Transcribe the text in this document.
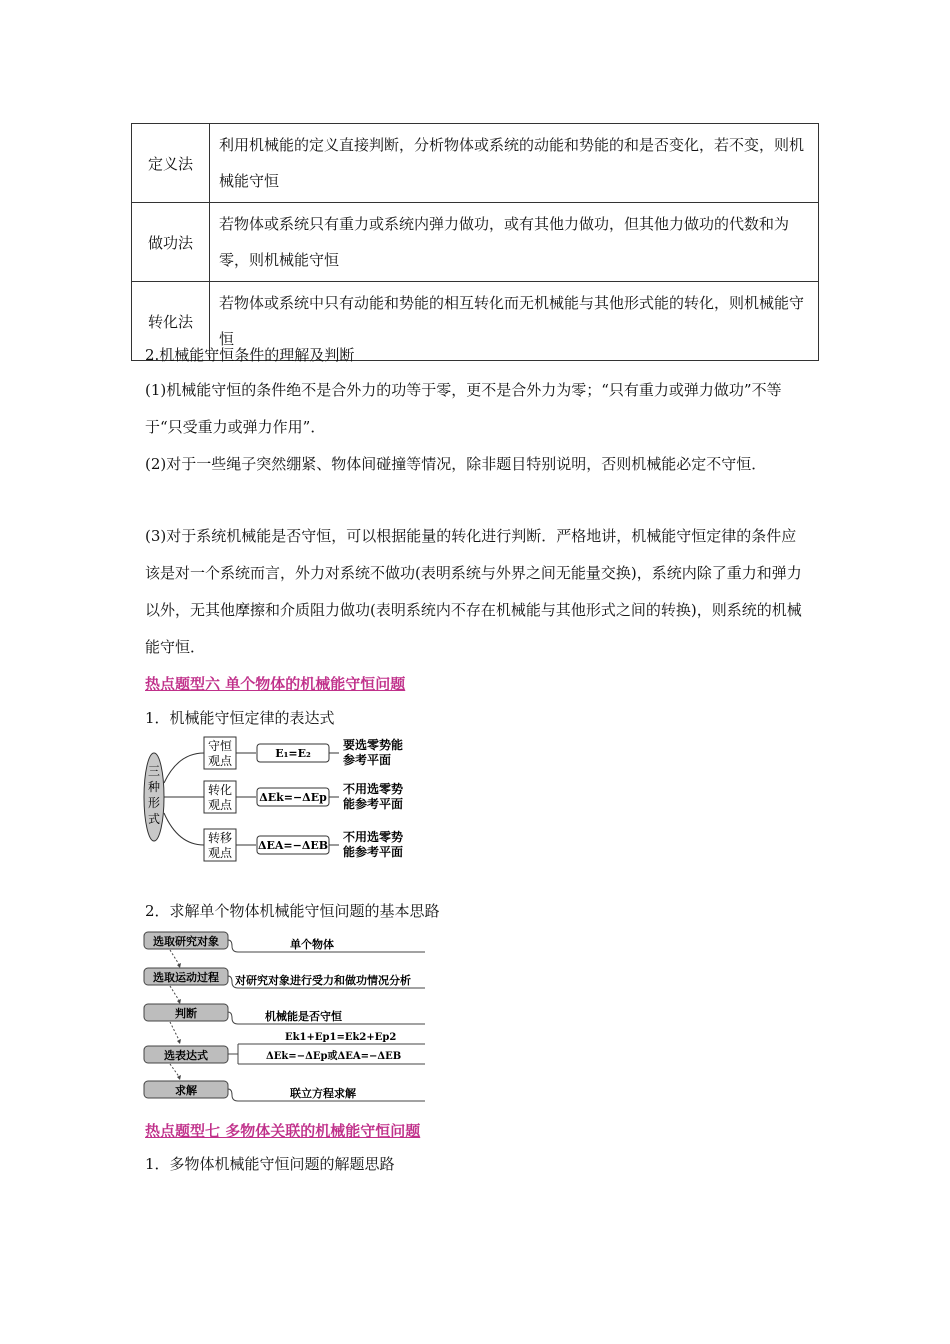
定义法	利用机械能的定义直接判断，分析物体或系统的动能和势能的和是否变化，若不变，则机械能守恒
做功法	若物体或系统只有重力或系统内弹力做功，或有其他力做功，但其他力做功的代数和为零，则机械能守恒
转化法	若物体或系统中只有动能和势能的相互转化而无机械能与其他形式能的转化，则机械能守恒

2.机械能守恒条件的理解及判断

(1)机械能守恒的条件绝不是合外力的功等于零，更不是合外力为零；“只有重力或弹力做功”不等于“只受重力或弹力作用”．

(2)对于一些绳子突然绷紧、物体间碰撞等情况，除非题目特别说明，否则机械能必定不守恒．

(3)对于系统机械能是否守恒，可以根据能量的转化进行判断．严格地讲，机械能守恒定律的条件应该是对一个系统而言，外力对系统不做功(表明系统与外界之间无能量交换)，系统内除了重力和弹力以外，无其他摩擦和介质阻力做功(表明系统内不存在机械能与其他形式之间的转换)，则系统的机械能守恒．

热点题型六 单个物体的机械能守恒问题

1．机械能守恒定律的表达式

三
种
形
式
守恒
观点
E₁=E₂
要选零势能
参考平面
转化
观点
ΔEk=−ΔEp
不用选零势
能参考平面
转移
观点
ΔEA=−ΔEB
不用选零势
能参考平面

2．求解单个物体机械能守恒问题的基本思路

选取研究对象	单个物体
选取运动过程 对研究对象进行受力和做功情况分析
判断	机械能是否守恒
选表达式
Ek1+Ep1=Ek2+Ep2
ΔEk=−ΔEp或ΔEA=−ΔEB
求解	联立方程求解

热点题型七 多物体关联的机械能守恒问题

1．多物体机械能守恒问题的解题思路
